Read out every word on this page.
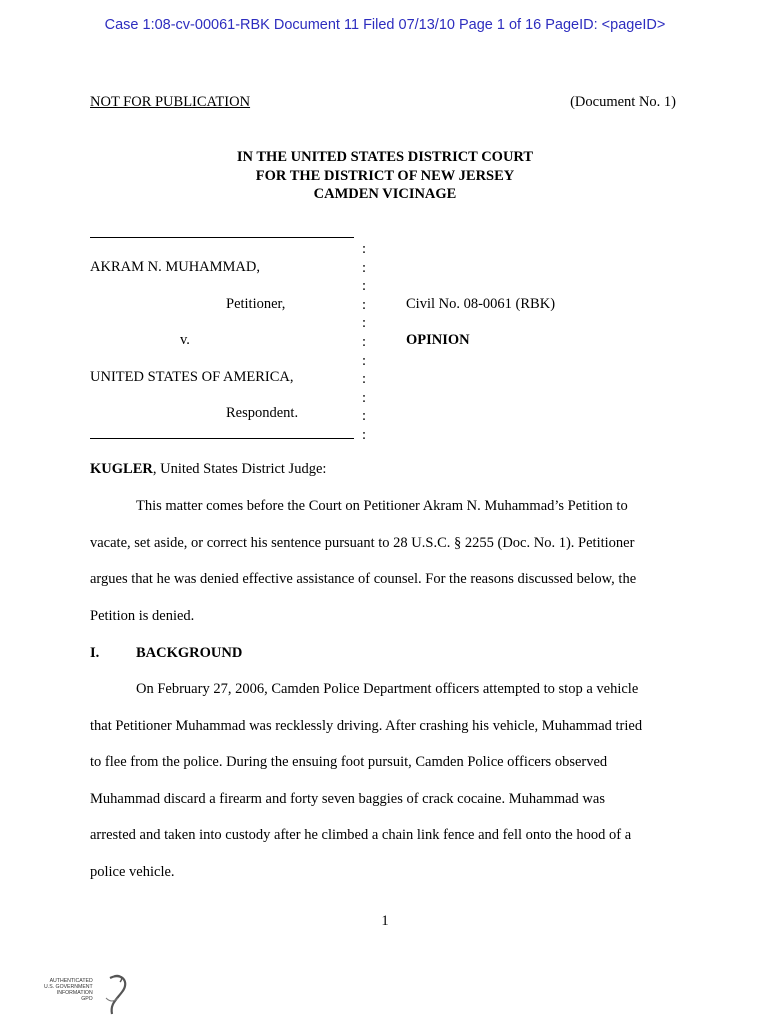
Case 1:08-cv-00061-RBK Document 11 Filed 07/13/10 Page 1 of 16 PageID: <pageID>
NOT FOR PUBLICATION	(Document No. 1)
IN THE UNITED STATES DISTRICT COURT
FOR THE DISTRICT OF NEW JERSEY
CAMDEN VICINAGE
:
:
:
:
:
:
:
:
:
:
:
AKRAM N. MUHAMMAD,
Petitioner,	Civil No. 08-0061 (RBK)
v.	OPINION
UNITED STATES OF AMERICA,
Respondent.
KUGLER, United States District Judge:
This matter comes before the Court on Petitioner Akram N. Muhammad’s Petition to
vacate, set aside, or correct his sentence pursuant to 28 U.S.C. § 2255 (Doc. No. 1). Petitioner
argues that he was denied effective assistance of counsel. For the reasons discussed below, the
Petition is denied.
I.	BACKGROUND
On February 27, 2006, Camden Police Department officers attempted to stop a vehicle
that Petitioner Muhammad was recklessly driving. After crashing his vehicle, Muhammad tried
to flee from the police. During the ensuing foot pursuit, Camden Police officers observed
Muhammad discard a firearm and forty seven baggies of crack cocaine. Muhammad was
arrested and taken into custody after he climbed a chain link fence and fell onto the hood of a
police vehicle.
1
AUTHENTICATED
U.S. GOVERNMENT
INFORMATION
GPO
